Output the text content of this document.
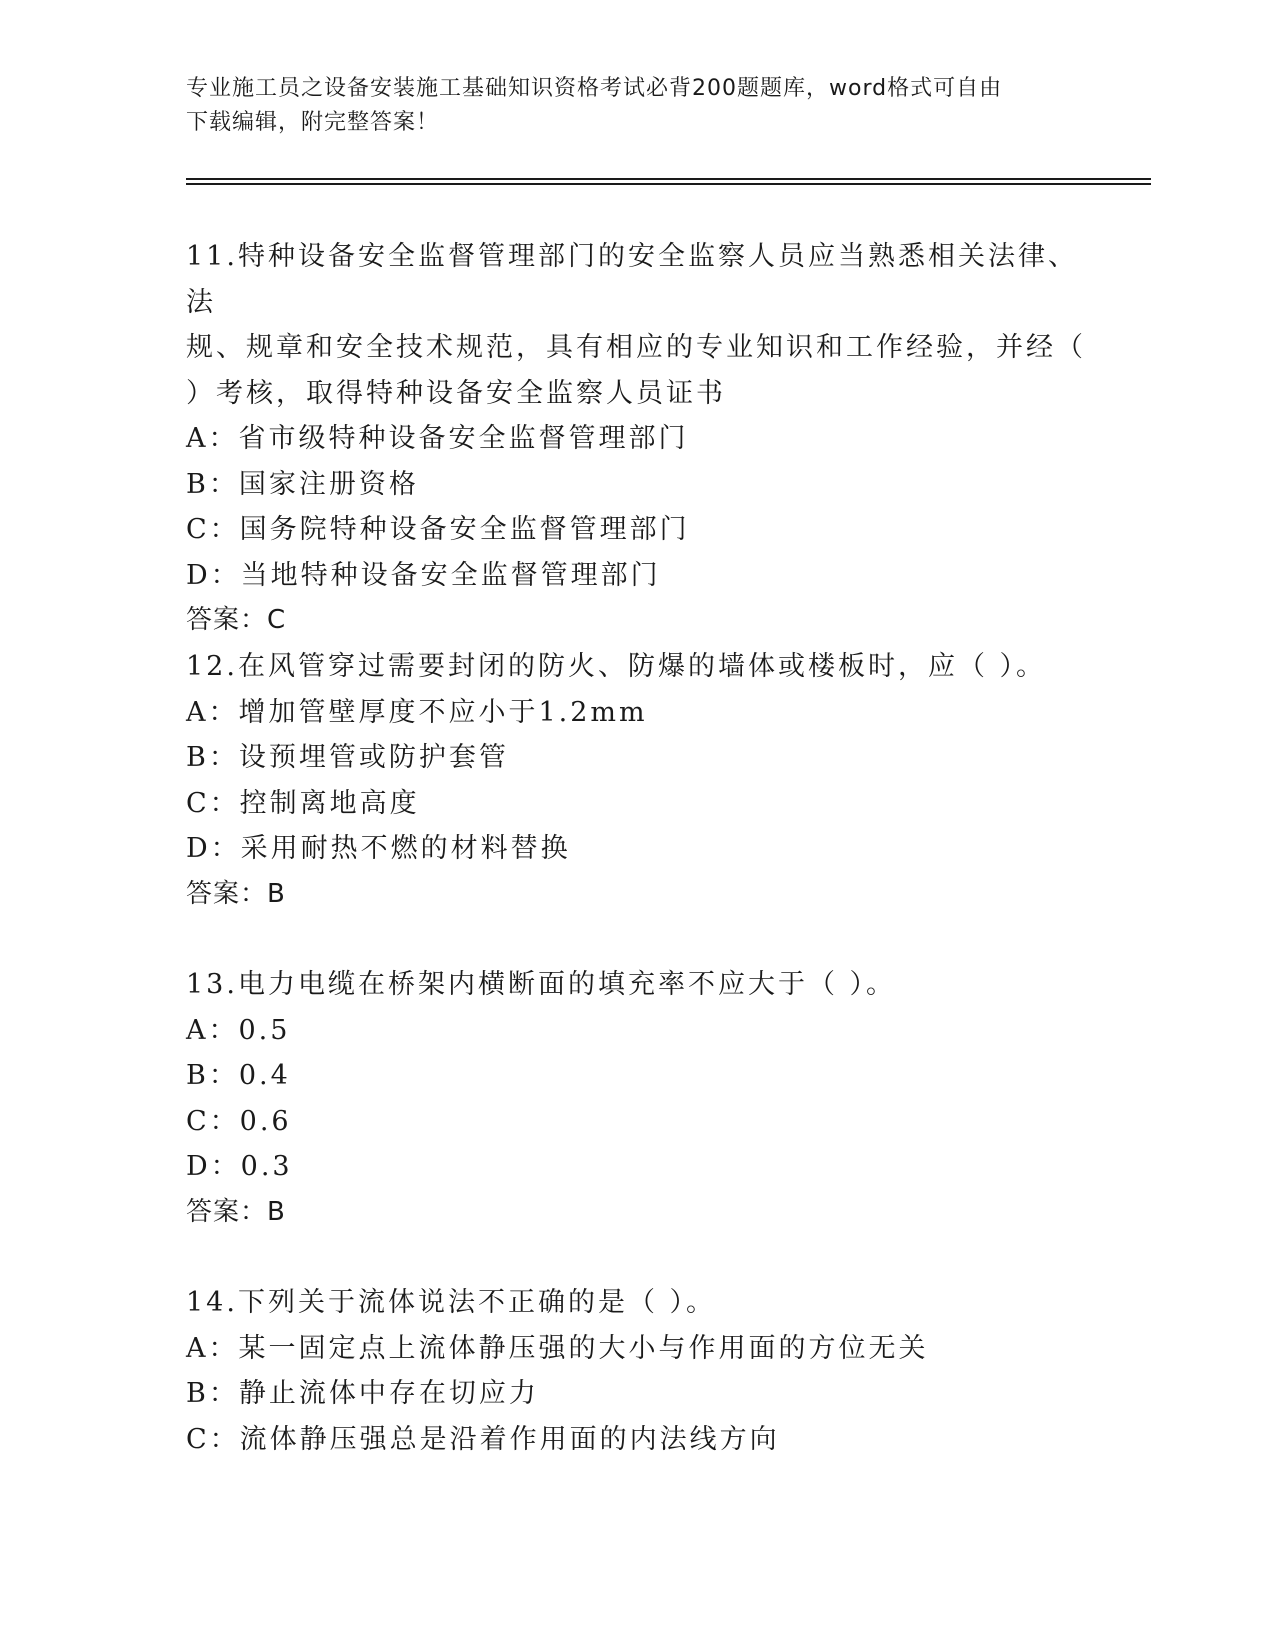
专业施工员之设备安装施工基础知识资格考试必背200题题库，word格式可自由
下载编辑，附完整答案！

11.特种设备安全监督管理部门的安全监察人员应当熟悉相关法律、法

规、规章和安全技术规范，具有相应的专业知识和工作经验，并经（

）考核，取得特种设备安全监察人员证书

A：省市级特种设备安全监督管理部门

B：国家注册资格

C：国务院特种设备安全监督管理部门

D：当地特种设备安全监督管理部门

答案：C

12.在风管穿过需要封闭的防火、防爆的墙体或楼板时，应（ ）。

A：增加管壁厚度不应小于1.2mm

B：设预埋管或防护套管

C：控制离地高度

D：采用耐热不燃的材料替换

答案：B

13.电力电缆在桥架内横断面的填充率不应大于（ ）。

A：0.5

B：0.4

C：0.6

D：0.3

答案：B

14.下列关于流体说法不正确的是（ ）。

A：某一固定点上流体静压强的大小与作用面的方位无关

B：静止流体中存在切应力

C：流体静压强总是沿着作用面的内法线方向
